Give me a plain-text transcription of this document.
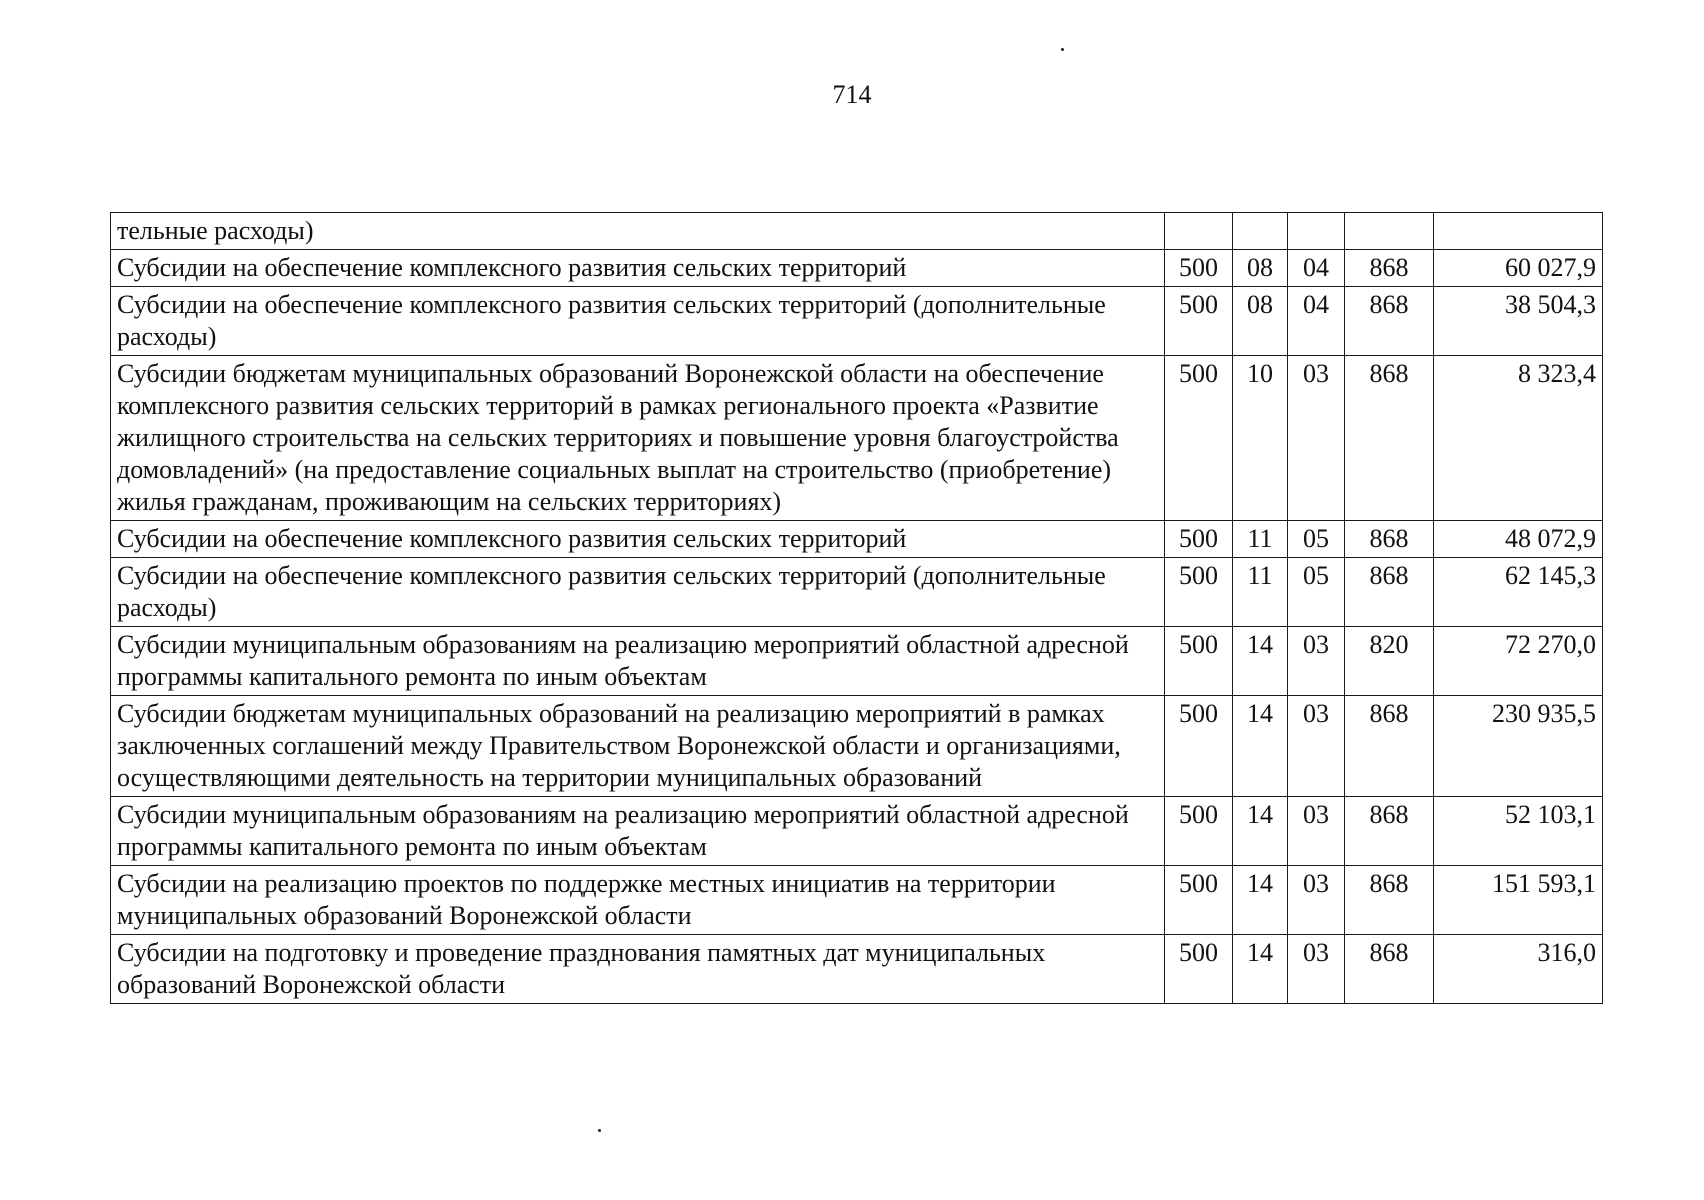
714
тельные расходы)					
Субсидии на обеспечение комплексного развития сельских территорий	500	08	04	868	60 027,9
Субсидии на обеспечение комплексного развития сельских территорий (дополнительные расходы)	500	08	04	868	38 504,3
Субсидии бюджетам муниципальных образований Воронежской области на обеспечение комплексного развития сельских территорий в рамках регионального проекта «Развитие жилищного строительства на сельских территориях и повышение уровня благоустройства домовладений» (на предоставление социальных выплат на строительство (приобретение) жилья гражданам, проживающим на сельских территориях)	500	10	03	868	8 323,4
Субсидии на обеспечение комплексного развития сельских территорий	500	11	05	868	48 072,9
Субсидии на обеспечение комплексного развития сельских территорий (дополнительные расходы)	500	11	05	868	62 145,3
Субсидии муниципальным образованиям на реализацию мероприятий областной адресной программы капитального ремонта по иным объектам	500	14	03	820	72 270,0
Субсидии бюджетам муниципальных образований на реализацию мероприятий в рамках заключенных соглашений между Правительством Воронежской области и организациями, осуществляющими деятельность на территории муниципальных образований	500	14	03	868	230 935,5
Субсидии муниципальным образованиям на реализацию мероприятий областной адресной программы капитального ремонта по иным объектам	500	14	03	868	52 103,1
Субсидии на реализацию проектов по поддержке местных инициатив на территории муниципальных образований Воронежской области	500	14	03	868	151 593,1
Субсидии на подготовку и проведение празднования памятных дат муниципальных образований Воронежской области	500	14	03	868	316,0
